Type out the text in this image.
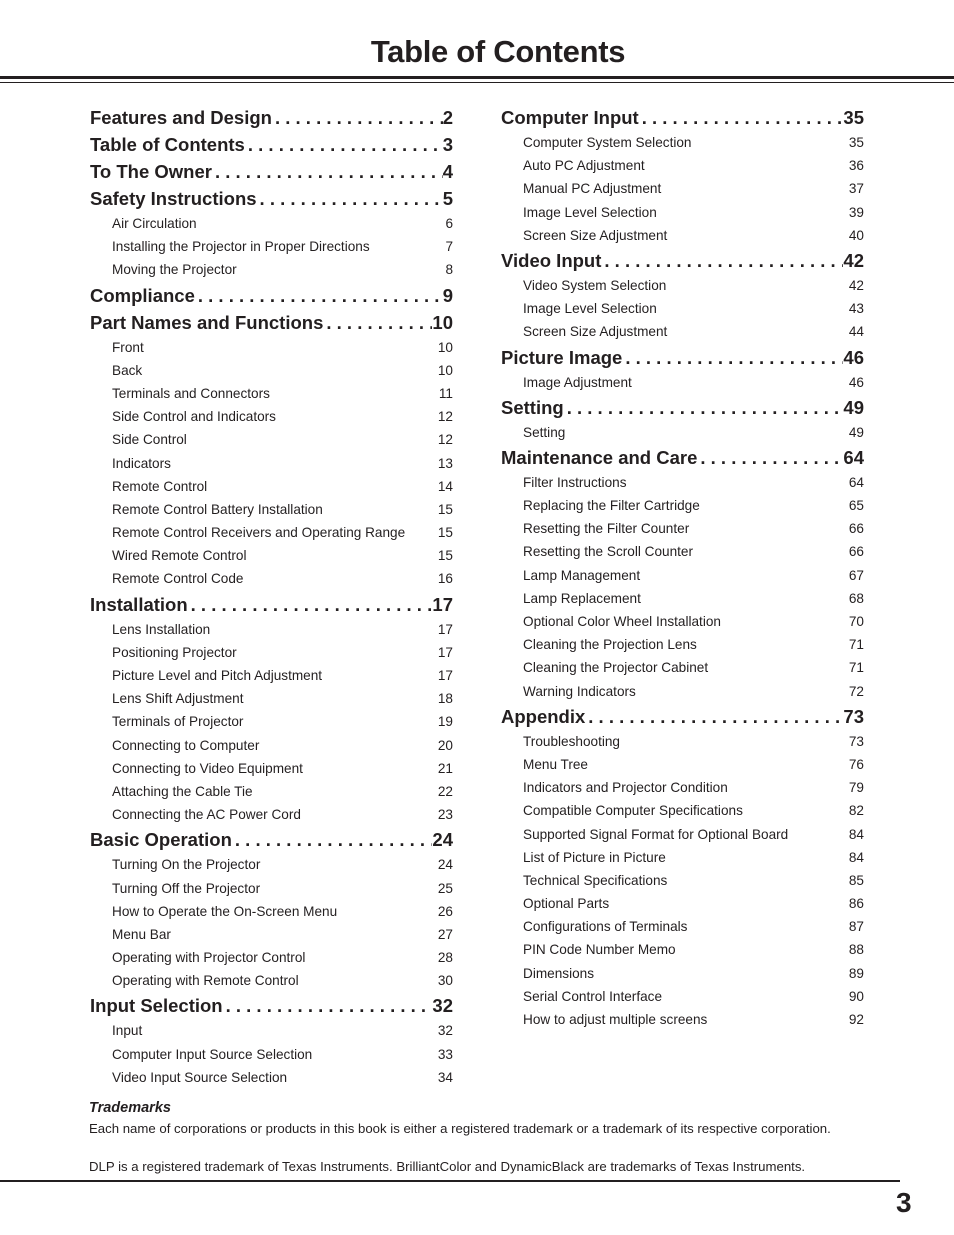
Table of Contents
Features and Design . . .	2
Table of Contents . . .	3
To The Owner . . .	4
Safety Instructions . . .	5
Air Circulation	6
Installing the Projector in Proper Directions	7
Moving the Projector	8
Compliance . . .	9
Part Names and Functions . . .	10
Front	10
Back	10
Terminals and Connectors	11
Side Control and Indicators	12
Side Control	12
Indicators	13
Remote Control	14
Remote Control Battery Installation	15
Remote Control Receivers and Operating Range 15
Wired Remote Control	15
Remote Control Code	16
Installation . . .	17
Lens Installation	17
Positioning Projector	17
Picture Level and Pitch Adjustment	17
Lens Shift Adjustment	18
Terminals of Projector	19
Connecting to Computer	20
Connecting to Video Equipment	21
Attaching the Cable Tie	22
Connecting the AC Power Cord	23
Basic Operation . . .	24
Turning On the Projector	24
Turning Off the Projector	25
How to Operate the On-Screen Menu	26
Menu Bar	27
Operating with Projector Control	28
Operating with Remote Control	30
Input Selection . . .	32
Input	32
Computer Input Source Selection	33
Video Input Source Selection	34
Computer Input . . .	35
Computer System Selection	35
Auto PC Adjustment	36
Manual PC Adjustment	37
Image Level Selection	39
Screen Size Adjustment	40
Video Input . . .	42
Video System Selection	42
Image Level Selection	43
Screen Size Adjustment	44
Picture Image . . .	46
Image Adjustment	46
Setting . . .	49
Setting	49
Maintenance and Care . . .	64
Filter Instructions	64
Replacing the Filter Cartridge	65
Resetting the Filter Counter	66
Resetting the Scroll Counter	66
Lamp Management	67
Lamp Replacement	68
Optional Color Wheel Installation	70
Cleaning the Projection Lens	71
Cleaning the Projector Cabinet	71
Warning Indicators	72
Appendix . . .	73
Troubleshooting	73
Menu Tree	76
Indicators and Projector Condition	79
Compatible Computer Specifications	82
Supported Signal Format for Optional Board	84
List of Picture in Picture	84
Technical Specifications	85
Optional Parts	86
Configurations of Terminals	87
PIN Code Number Memo	88
Dimensions	89
Serial Control Interface	90
How to adjust multiple screens	92
Trademarks
Each name of corporations or products in this book is either a registered trademark or a trademark of its respective corporation.
DLP is a registered trademark of Texas Instruments. BrilliantColor and DynamicBlack are trademarks of Texas Instruments.
3
